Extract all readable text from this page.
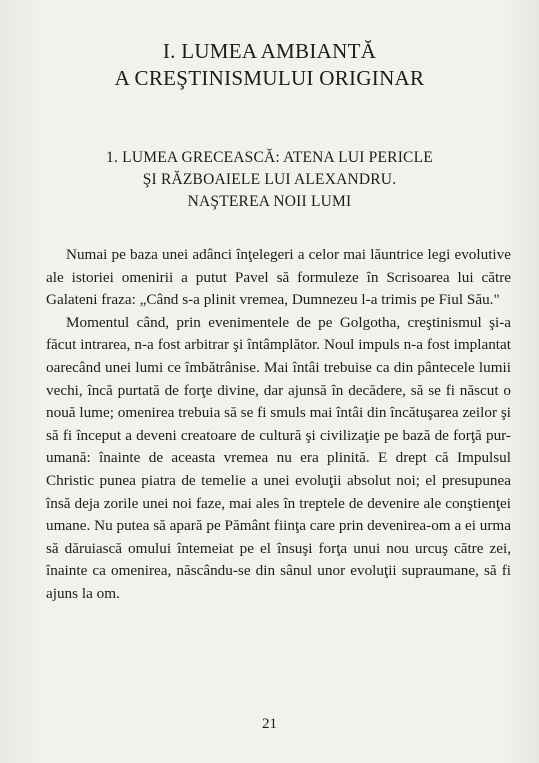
I. LUMEA AMBIANTĂ
A CREŞTINISMULUI ORIGINAR
1. LUMEA GRECEASCĂ: ATENA LUI PERICLE
ŞI RĂZBOAIELE LUI ALEXANDRU.
NAŞTEREA NOII LUMI

Numai pe baza unei adânci înţelegeri a celor mai lăuntrice legi evolutive ale istoriei omenirii a putut Pavel să formuleze în Scrisoarea lui către Galateni fraza: „Când s-a plinit vremea, Dumnezeu l-a trimis pe Fiul Său."

Momentul când, prin evenimentele de pe Golgotha, creştinismul şi-a făcut intrarea, n-a fost arbitrar şi întâmplător. Noul impuls n-a fost implantat oarecând unei lumi ce îmbătrânise. Mai întâi trebuise ca din pântecele lumii vechi, încă purtată de forţe divine, dar ajunsă în decădere, să se fi născut o nouă lume; omenirea trebuia să se fi smuls mai întâi din încătuşarea zeilor şi să fi început a deveni creatoare de cultură şi civilizaţie pe bază de forţă pur-umană: înainte de aceasta vremea nu era plinită. E drept că Impulsul Christic punea piatra de temelie a unei evoluţii absolut noi; el presupunea însă deja zorile unei noi faze, mai ales în treptele de devenire ale conştienţei umane. Nu putea să apară pe Pământ fiinţa care prin devenirea-om a ei urma să dăruiască omului întemeiat pe el însuşi forţa unui nou urcuş către zei, înainte ca omenirea, născându-se din sânul unor evoluţii supraumane, să fi ajuns la om.

21
